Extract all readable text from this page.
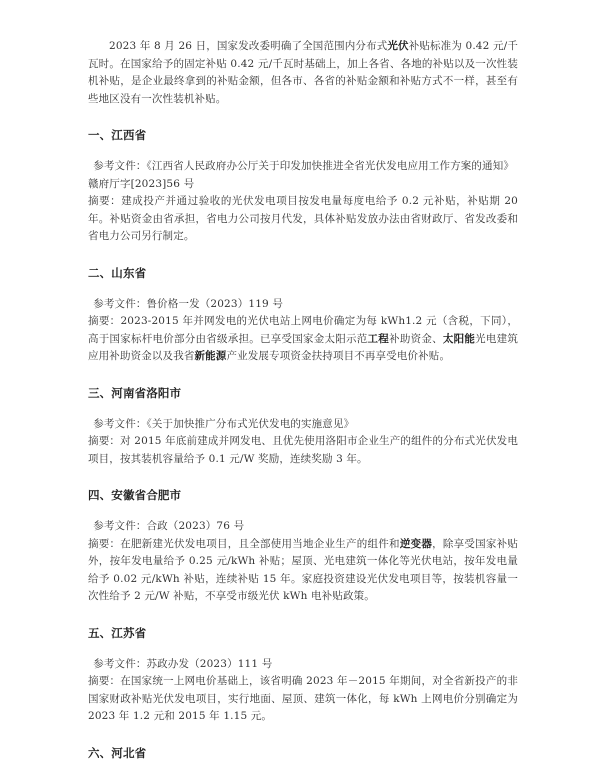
2023 年 8 月 26 日，国家发改委明确了全国范围内分布式光伏补贴标准为 0.42 元/千瓦时。在国家给予的固定补贴 0.42 元/千瓦时基础上，加上各省、各地的补贴以及一次性装机补贴，是企业最终拿到的补贴金额，但各市、各省的补贴金额和补贴方式不一样，甚至有些地区没有一次性装机补贴。

一、江西省

参考文件：《江西省人民政府办公厅关于印发加快推进全省光伏发电应用工作方案的通知》赣府厅字[2023]56 号

摘要：建成投产并通过验收的光伏发电项目按发电量每度电给予 0.2 元补贴，补贴期 20 年。补贴资金由省承担，省电力公司按月代发，具体补贴发放办法由省财政厅、省发改委和省电力公司另行制定。

二、山东省

参考文件：鲁价格一发（2023）119 号

摘要：2023-2015 年并网发电的光伏电站上网电价确定为每 kWh1.2 元（含税，下同），高于国家标杆电价部分由省级承担。已享受国家金太阳示范工程补助资金、太阳能光电建筑应用补助资金以及我省新能源产业发展专项资金扶持项目不再享受电价补贴。

三、河南省洛阳市

参考文件：《关于加快推广分布式光伏发电的实施意见》

摘要：对 2015 年底前建成并网发电、且优先使用洛阳市企业生产的组件的分布式光伏发电项目，按其装机容量给予 0.1 元/W 奖励，连续奖励 3 年。

四、安徽省合肥市

参考文件：合政（2023）76 号

摘要：在肥新建光伏发电项目，且全部使用当地企业生产的组件和逆变器，除享受国家补贴外，按年发电量给予 0.25 元/kWh 补贴；屋顶、光电建筑一体化等光伏电站，按年发电量给予 0.02 元/kWh 补贴，连续补贴 15 年。家庭投资建设光伏发电项目等，按装机容量一次性给予 2 元/W 补贴，不享受市级光伏 kWh 电补贴政策。

五、江苏省

参考文件：苏政办发（2023）111 号

摘要：在国家统一上网电价基础上，该省明确 2023 年－2015 年期间，对全省新投产的非国家财政补贴光伏发电项目，实行地面、屋顶、建筑一体化，每 kWh 上网电价分别确定为 2023 年 1.2 元和 2015 年 1.15 元。

六、河北省
